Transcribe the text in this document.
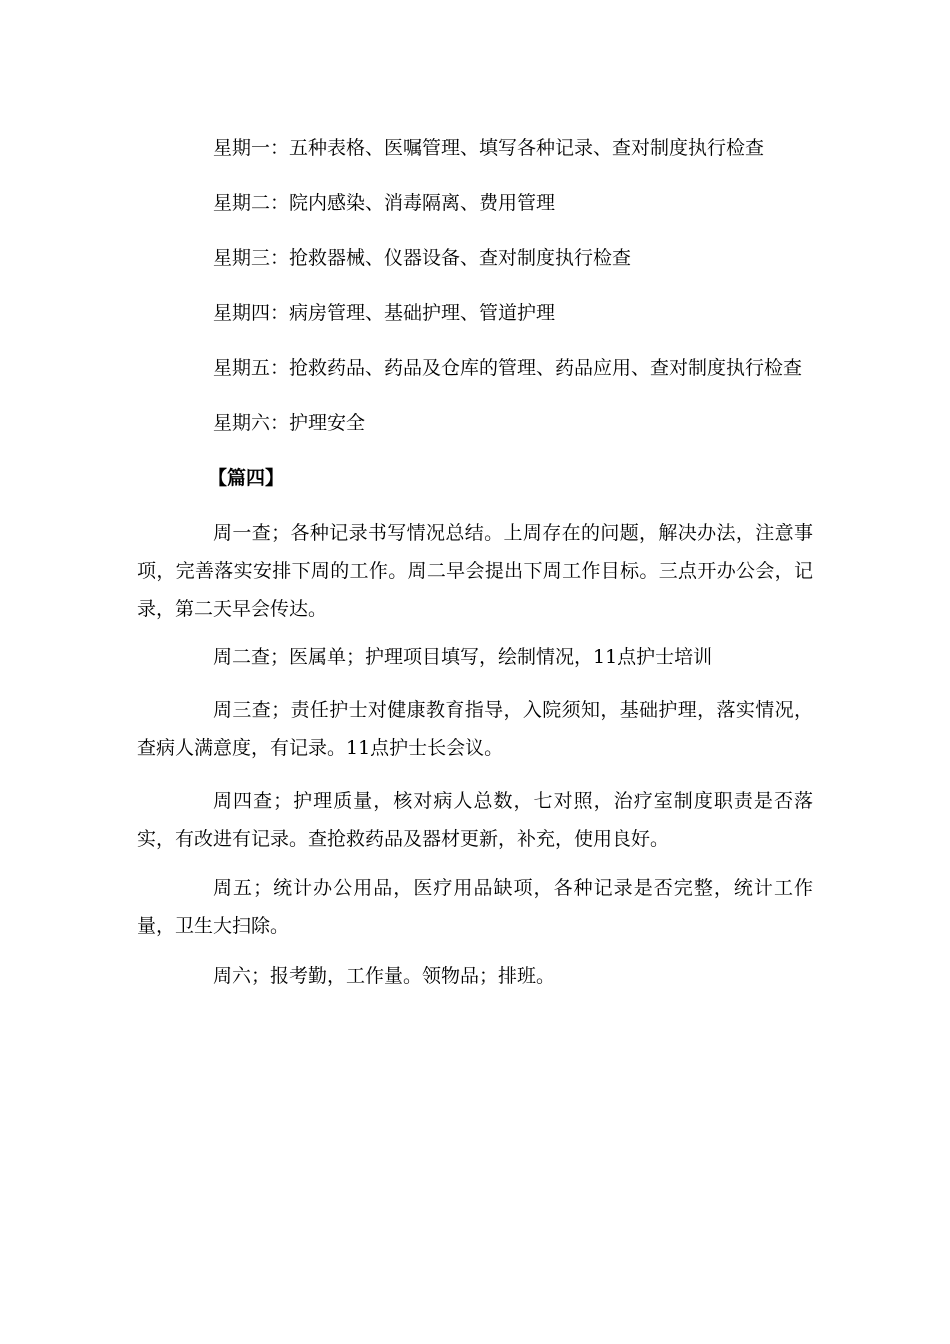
星期一：五种表格、医嘱管理、填写各种记录、查对制度执行检查
星期二：院内感染、消毒隔离、费用管理
星期三：抢救器械、仪器设备、查对制度执行检查
星期四：病房管理、基础护理、管道护理
星期五：抢救药品、药品及仓库的管理、药品应用、查对制度执行检查
星期六：护理安全
【篇四】
周一查；各种记录书写情况总结。上周存在的问题，解决办法，注意事项，完善落实安排下周的工作。周二早会提出下周工作目标。三点开办公会，记录，第二天早会传达。
周二查；医属单；护理项目填写，绘制情况，11点护士培训
周三查；责任护士对健康教育指导，入院须知，基础护理，落实情况，查病人满意度，有记录。11点护士长会议。
周四查；护理质量，核对病人总数，七对照，治疗室制度职责是否落实，有改进有记录。查抢救药品及器材更新，补充，使用良好。
周五；统计办公用品，医疗用品缺项，各种记录是否完整，统计工作量，卫生大扫除。
周六；报考勤，工作量。领物品；排班。
